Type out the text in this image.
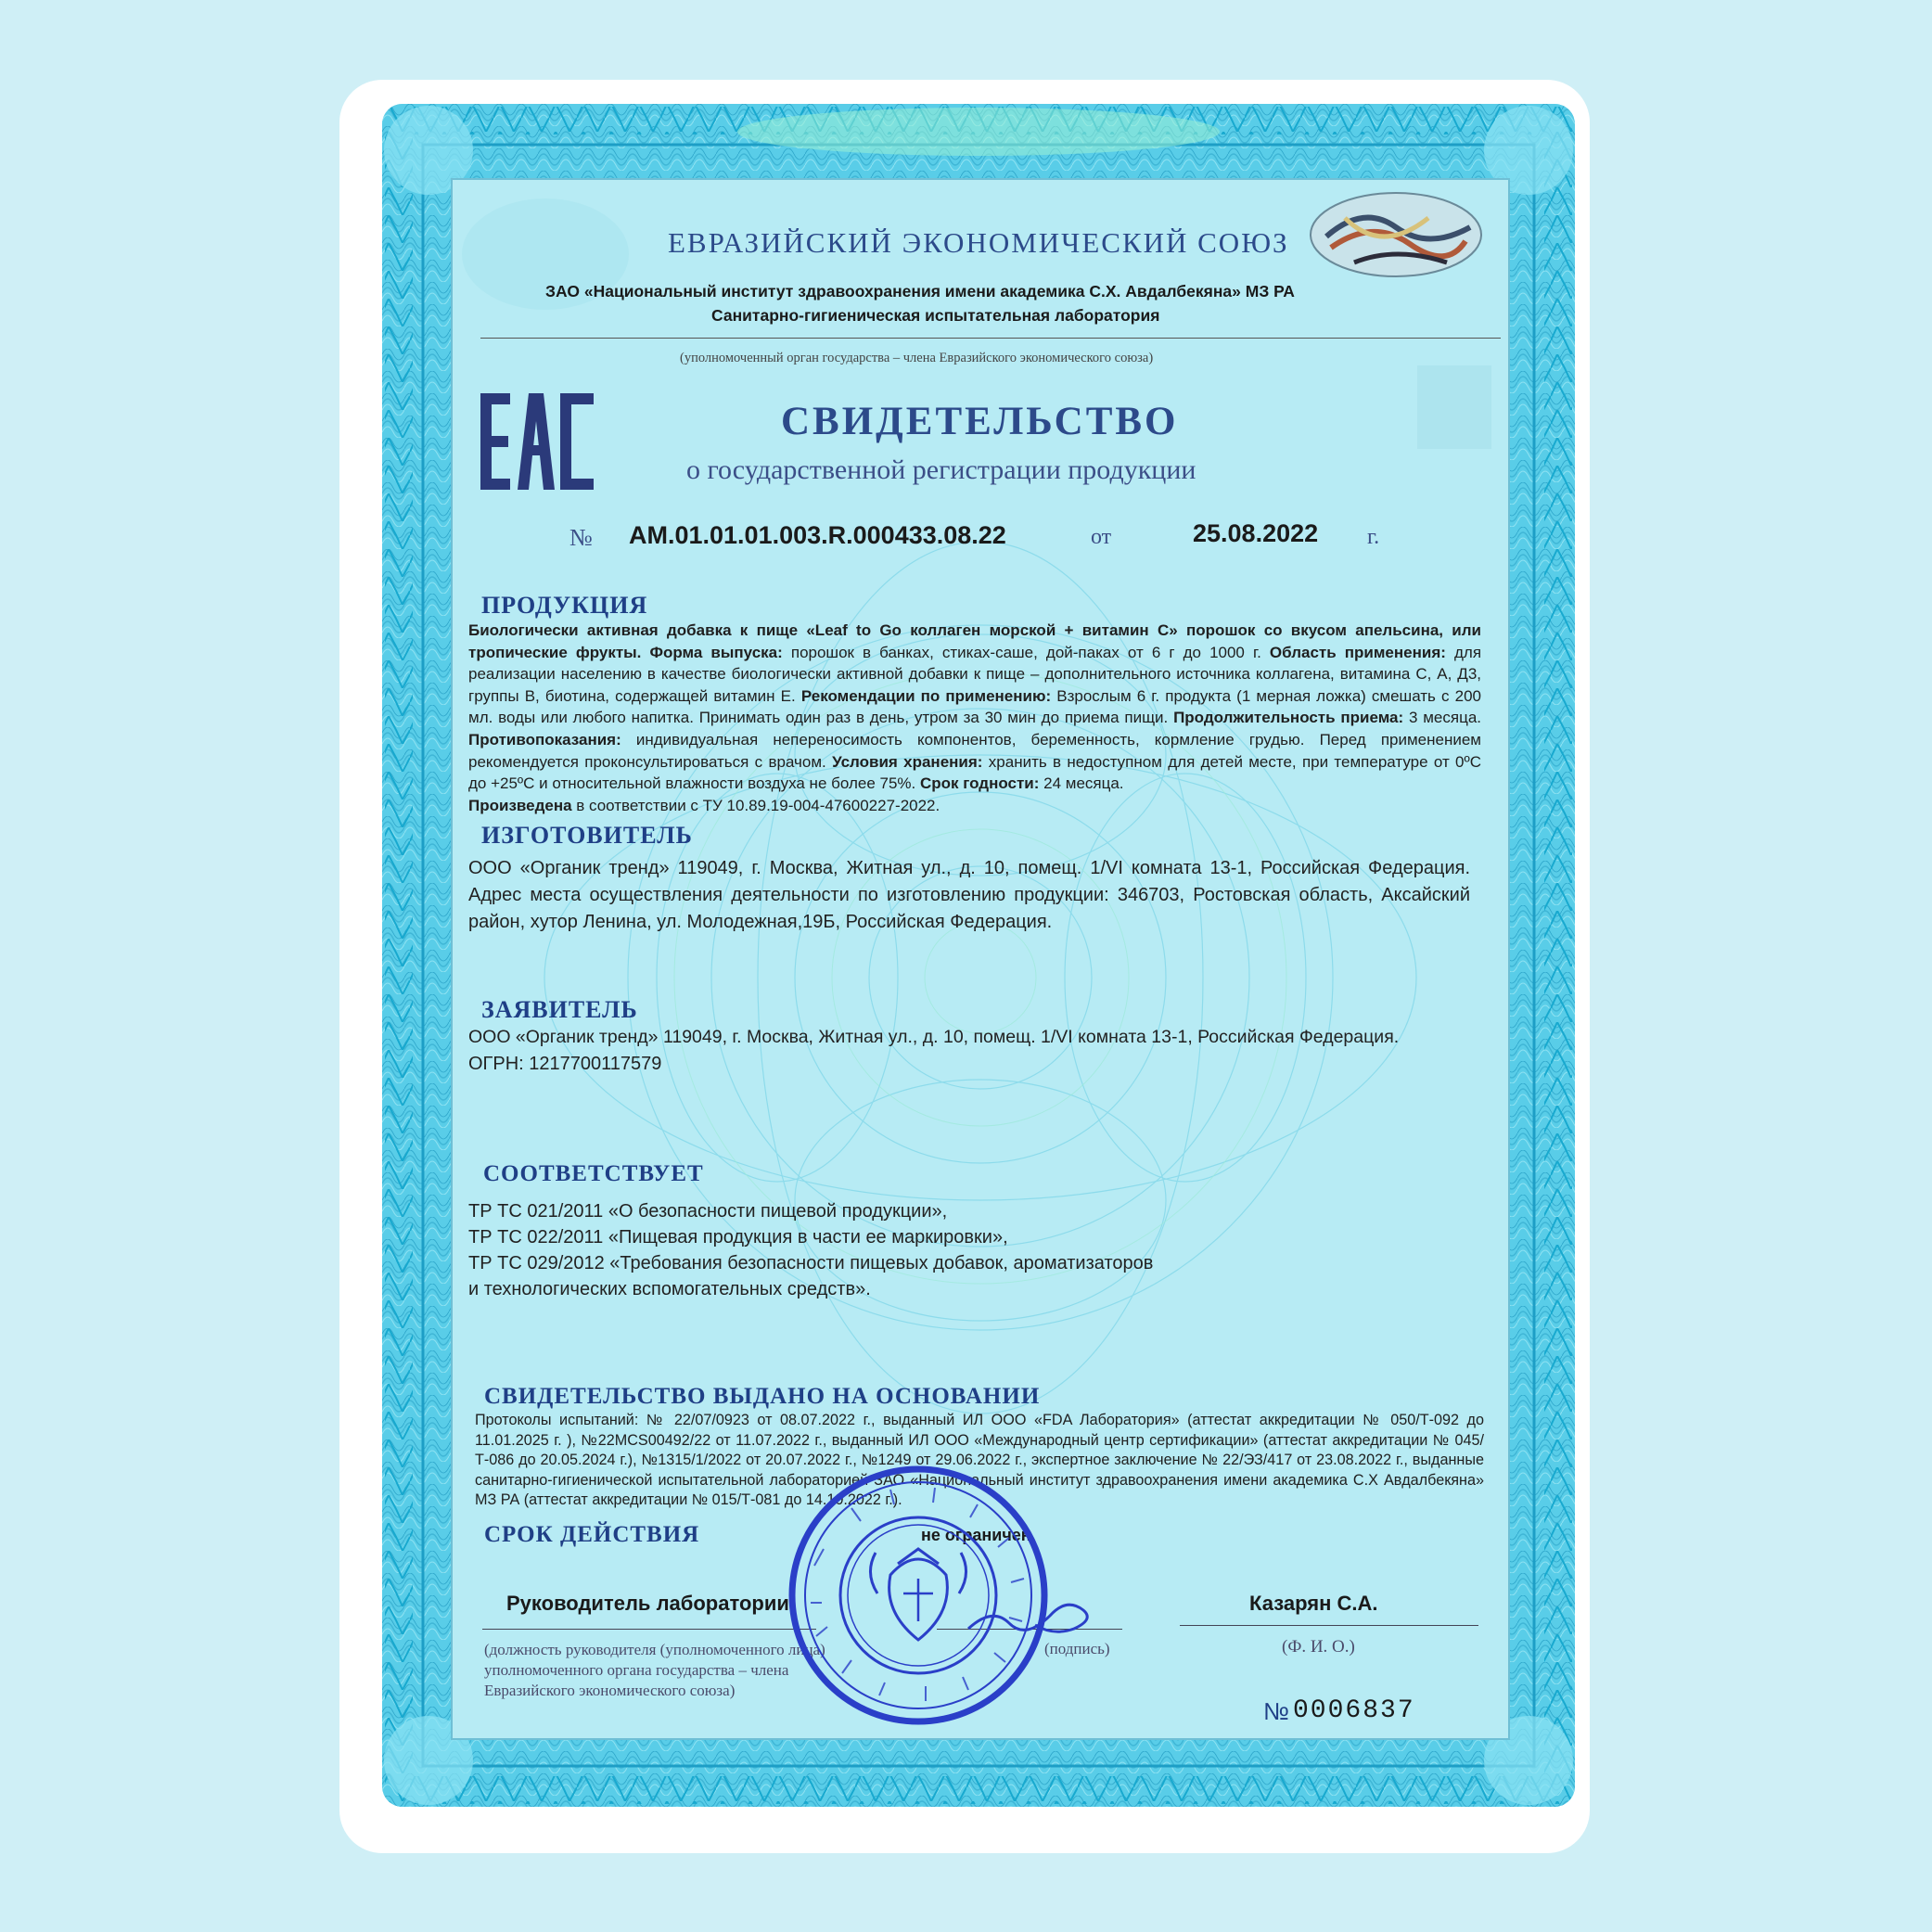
ЕВРАЗИЙСКИЙ ЭКОНОМИЧЕСКИЙ СОЮЗ
ЗАО «Национальный институт здравоохранения имени академика С.Х. Авдалбекяна» МЗ РА
Санитарно-гигиеническая испытательная лаборатория
(уполномоченный орган государства – члена Евразийского экономического союза)
СВИДЕТЕЛЬСТВО
о государственной регистрации продукции
№ AM.01.01.01.003.R.000433.08.22	от	25.08.2022 г.
ПРОДУКЦИЯ
Биологически активная добавка к пище «Leaf to Go коллаген морской + витамин С» порошок со вкусом апельсина, или тропические фрукты. Форма выпуска: порошок в банках, стиках-саше, дой-паках от 6 г до 1000 г. Область применения: для реализации населению в качестве биологически активной добавки к пище – дополнительного источника коллагена, витамина С, А, Д3, группы В, биотина, содержащей витамин Е. Рекомендации по применению: Взрослым 6 г. продукта (1 мерная ложка) смешать с 200 мл. воды или любого напитка. Принимать один раз в день, утром за 30 мин до приема пищи. Продолжительность приема: 3 месяца. Противопоказания: индивидуальная непереносимость компонентов, беременность, кормление грудью. Перед применением рекомендуется проконсультироваться с врачом. Условия хранения: хранить в недоступном для детей месте, при температуре от 0ºС до +25ºС и относительной влажности воздуха не более 75%. Срок годности: 24 месяца.
Произведена в соответствии с ТУ 10.89.19-004-47600227-2022.
ИЗГОТОВИТЕЛЬ
ООО «Органик тренд» 119049, г. Москва, Житная ул., д. 10, помещ. 1/VI комната 13-1, Российская Федерация. Адрес места осуществления деятельности по изготовлению продукции: 346703, Ростовская область, Аксайский район, хутор Ленина, ул. Молодежная,19Б, Российская Федерация.
ЗАЯВИТЕЛЬ
ООО «Органик тренд» 119049, г. Москва, Житная ул., д. 10, помещ. 1/VI комната 13-1, Российская Федерация.
ОГРН: 1217700117579
СООТВЕТСТВУЕТ
ТР ТС 021/2011 «О безопасности пищевой продукции»,
ТР ТС 022/2011 «Пищевая продукция в части ее маркировки»,
ТР ТС 029/2012 «Требования безопасности пищевых добавок, ароматизаторов
и технологических вспомогательных средств».
СВИДЕТЕЛЬСТВО ВЫДАНО НА ОСНОВАНИИ
Протоколы испытаний: № 22/07/0923 от 08.07.2022 г., выданный ИЛ ООО «FDA Лаборатория» (аттестат аккредитации № 050/Т-092 до 11.01.2025 г. ), №22MCS00492/22 от 11.07.2022 г., выданный ИЛ ООО «Международный центр сертификации» (аттестат аккредитации № 045/Т-086 до 20.05.2024 г.), №1315/1/2022 от 20.07.2022 г., №1249 от 29.06.2022 г., экспертное заключение № 22/ЭЗ/417 от 23.08.2022 г., выданные санитарно-гигиенической испытательной лабораторией ЗАО «Национальный институт здравоохранения имени академика С.Х Авдалбекяна» МЗ РА (аттестат аккредитации № 015/Т-081 до 14.10.2022 г.).
СРОК ДЕЙСТВИЯ	не ограничен
Руководитель лаборатории
(должность руководителя (уполномоченного лица) уполномоченного органа государства – члена Евразийского экономического союза)
(подпись)
Казарян С.А.
(Ф. И. О.)
№ 0006837
